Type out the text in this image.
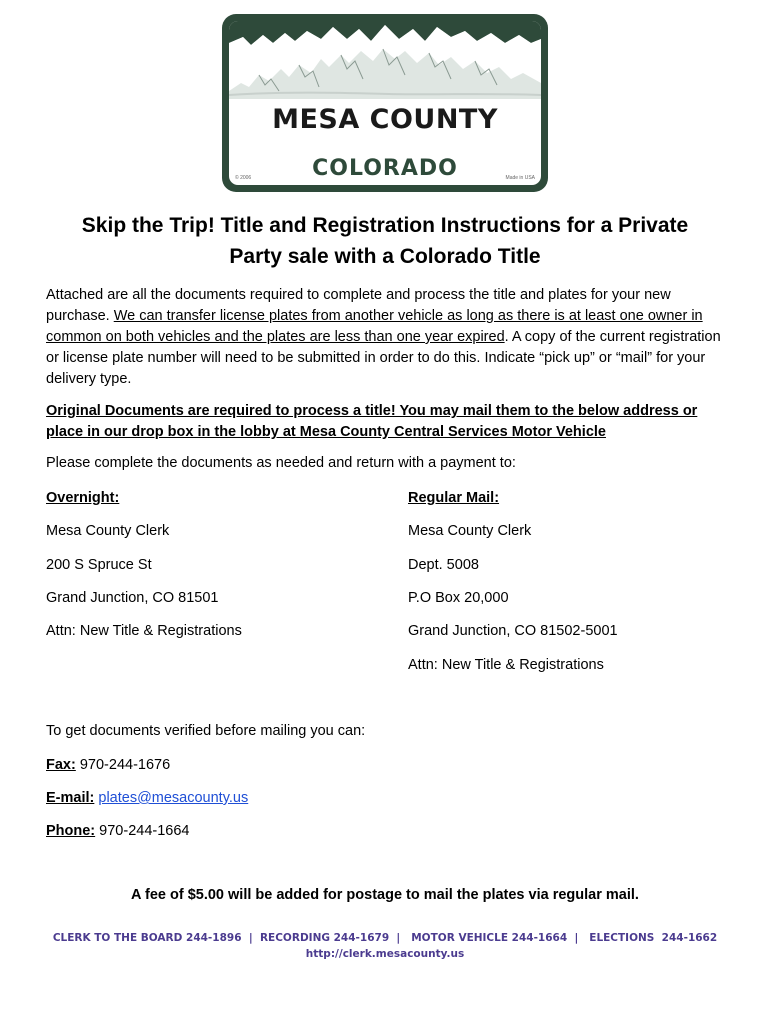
MESA COUNTY
COLORADO
© 2006	Made in USA
Skip the Trip! Title and Registration Instructions for a Private
Party sale with a Colorado Title
Attached are all the documents required to complete and process the title and plates for your new purchase. We can transfer license plates from another vehicle as long as there is at least one owner in common on both vehicles and the plates are less than one year expired. A copy of the current registration or license plate number will need to be submitted in order to do this. Indicate “pick up” or “mail” for your delivery type.
Original Documents are required to process a title! You may mail them to the below address or place in our drop box in the lobby at Mesa County Central Services Motor Vehicle
Please complete the documents as needed and return with a payment to:
Overnight:
Mesa County Clerk
200 S Spruce St
Grand Junction, CO 81501
Attn: New Title & Registrations
Regular Mail:
Mesa County Clerk
Dept. 5008
P.O Box 20,000
Grand Junction, CO 81502-5001
Attn: New Title & Registrations
To get documents verified before mailing you can:
Fax: 970-244-1676
E-mail: plates@mesacounty.us
Phone: 970-244-1664
A fee of $5.00 will be added for postage to mail the plates via regular mail.
CLERK TO THE BOARD 244-1896  |  RECORDING 244-1679  |   MOTOR VEHICLE 244-1664  |   ELECTIONS  244-1662
http://clerk.mesacounty.us
